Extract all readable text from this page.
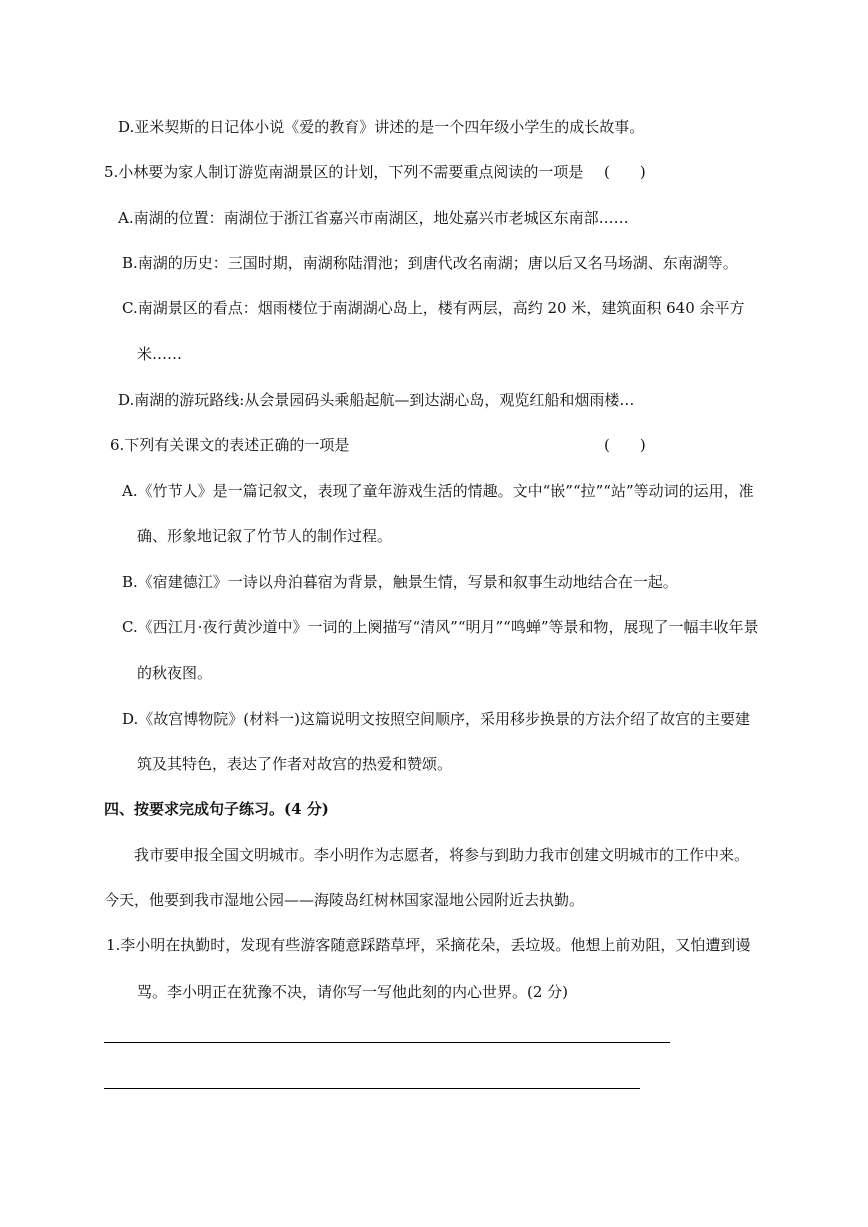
D.亚米契斯的日记体小说《爱的教育》讲述的是一个四年级小学生的成长故事。
5.小林要为家人制订游览南湖景区的计划，下列不需要重点阅读的一项是 (　　)
A.南湖的位置：南湖位于浙江省嘉兴市南湖区，地处嘉兴市老城区东南部……
B.南湖的历史：三国时期，南湖称陆渭池；到唐代改名南湖；唐以后又名马场湖、东南湖等。
C.南湖景区的看点：烟雨楼位于南湖湖心岛上，楼有两层，高约 20 米，建筑面积 640 余平方
米……
D.南湖的游玩路线:从会景园码头乘船起航—到达湖心岛，观览红船和烟雨楼…
6.下列有关课文的表述正确的一项是	(　　)
A.《竹节人》是一篇记叙文，表现了童年游戏生活的情趣。文中“嵌”“拉”“站”等动词的运用，准
确、形象地记叙了竹节人的制作过程。
B.《宿建德江》一诗以舟泊暮宿为背景，触景生情，写景和叙事生动地结合在一起。
C.《西江月·夜行黄沙道中》一词的上阕描写“清风”“明月”“鸣蝉”等景和物，展现了一幅丰收年景
的秋夜图。
D.《故宫博物院》(材料一)这篇说明文按照空间顺序，采用移步换景的方法介绍了故宫的主要建
筑及其特色，表达了作者对故宫的热爱和赞颂。
四、按要求完成句子练习。(4 分)
我市要申报全国文明城市。李小明作为志愿者，将参与到助力我市创建文明城市的工作中来。
今天，他要到我市湿地公园——海陵岛红树林国家湿地公园附近去执勤。
1.李小明在执勤时，发现有些游客随意踩踏草坪，采摘花朵，丢垃圾。他想上前劝阻，又怕遭到谩
骂。李小明正在犹豫不决，请你写一写他此刻的内心世界。(2 分)
